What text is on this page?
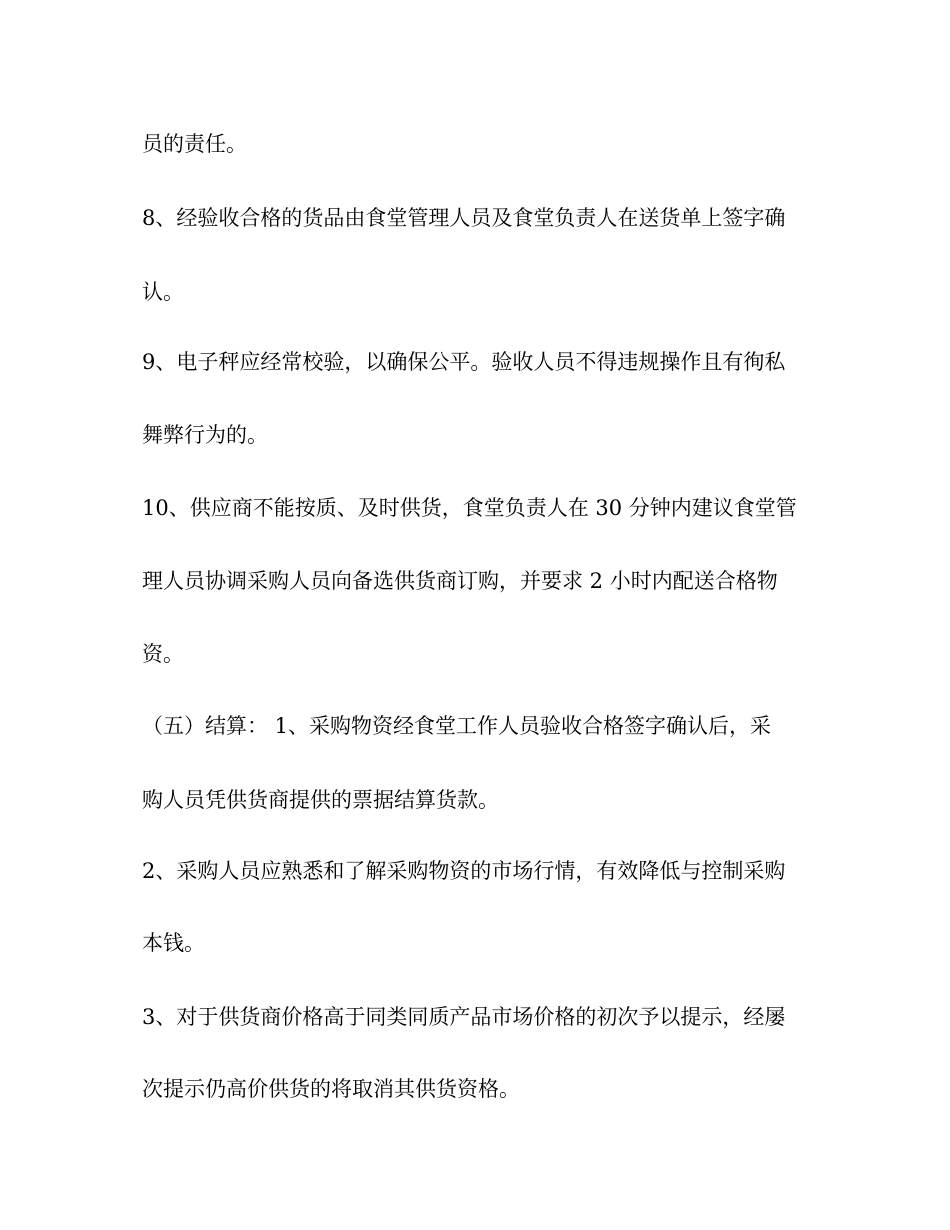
员的责任。

8、经验收合格的货品由食堂管理人员及食堂负责人在送货单上签字确

认。

9、电子秤应经常校验，以确保公平。验收人员不得违规操作且有徇私

舞弊行为的。

10、供应商不能按质、及时供货，食堂负责人在 30 分钟内建议食堂管

理人员协调采购人员向备选供货商订购，并要求 2 小时内配送合格物

资。

（五）结算： 1、采购物资经食堂工作人员验收合格签字确认后，采

购人员凭供货商提供的票据结算货款。

2、采购人员应熟悉和了解采购物资的市场行情，有效降低与控制采购

本钱。

3、对于供货商价格高于同类同质产品市场价格的初次予以提示，经屡

次提示仍高价供货的将取消其供货资格。
